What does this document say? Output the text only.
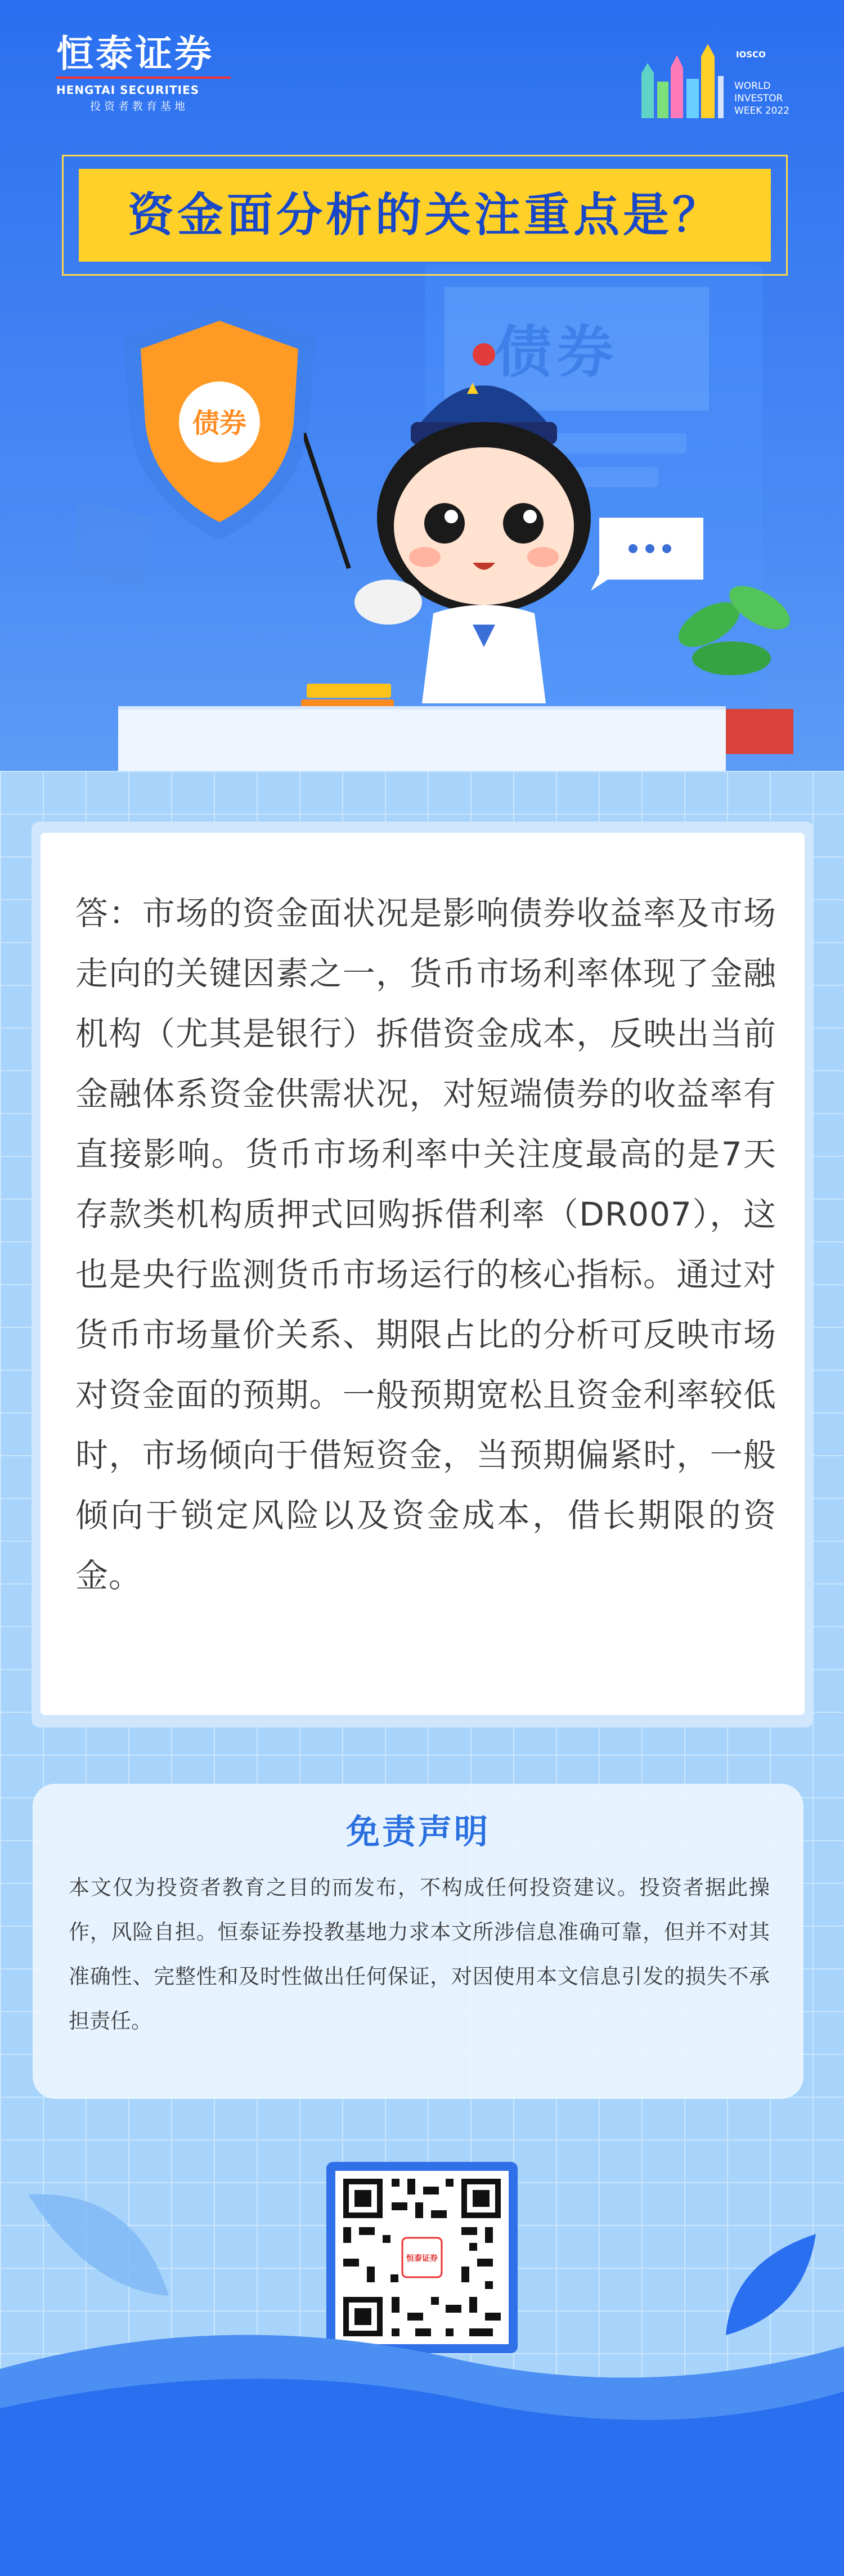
债券
恒泰证券
HENGTAI SECURITIES
投资者教育基地
IOSCO
WORLD
INVESTOR
WEEK 2022
资金面分析的关注重点是？
债券
答：市场的资金面状况是影响债券收益率及市场走向的关键因素之一，货币市场利率体现了金融机构（尤其是银行）拆借资金成本，反映出当前金融体系资金供需状况，对短端债券的收益率有直接影响。货币市场利率中关注度最高的是7天存款类机构质押式回购拆借利率（DR007），这也是央行监测货币市场运行的核心指标。通过对货币市场量价关系、期限占比的分析可反映市场对资金面的预期。一般预期宽松且资金利率较低时，市场倾向于借短资金，当预期偏紧时，一般倾向于锁定风险以及资金成本，借长期限的资金。
免责声明
本文仅为投资者教育之目的而发布，不构成任何投资建议。投资者据此操作，风险自担。恒泰证券投教基地力求本文所涉信息准确可靠，但并不对其准确性、完整性和及时性做出任何保证，对因使用本文信息引发的损失不承担责任。
恒泰证券
